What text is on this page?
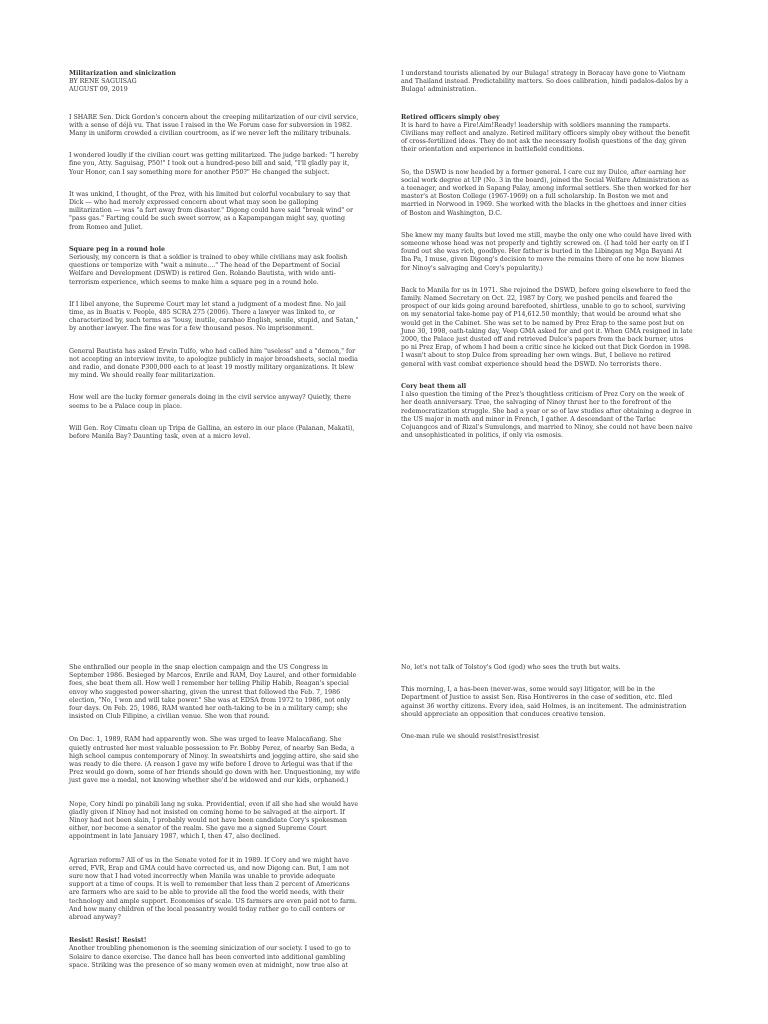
Militarization and sinicization
BY RENE SAGUISAG
AUGUST 09, 2019

I SHARE Sen. Dick Gordon's concern about the creeping militarization of our civil service, with a sense of déjà vu. That issue I raised in the We Forum case for subversion in 1982. Many in uniform crowded a civilian courtroom, as if we never left the military tribunals.

I wondered loudly if the civilian court was getting militarized. The judge barked: "I hereby fine you, Atty. Saguisag, P50!" I took out a hundred-peso bill and said, "I'll gladly pay it, Your Honor, can I say something more for another P50?" He changed the subject.

It was unkind, I thought, of the Prez, with his limited but colorful vocabulary to say that Dick — who had merely expressed concern about what may soon be galloping militarization — was "a fart away from disaster." Digong could have said "break wind" or "pass gas." Farting could be such sweet sorrow, as a Kapampangan might say, quoting from Romeo and Juliet.

Square peg in a round hole

Seriously, my concern is that a soldier is trained to obey while civilians may ask foolish questions or temporize with "wait a minute...." The head of the Department of Social Welfare and Development (DSWD) is retired Gen. Rolando Bautista, with wide anti-terrorism experience, which seems to make him a square peg in a round hole.

If I libel anyone, the Supreme Court may let stand a judgment of a modest fine. No jail time, as in Buatis v. People, 485 SCRA 275 (2006). There a lawyer was linked to, or characterized by, such terms as "lousy, inutile, carabao English, senile, stupid, and Satan," by another lawyer. The fine was for a few thousand pesos. No imprisonment.

General Bautista has asked Erwin Tulfo, who had called him "useless" and a "demon," for not accepting an interview invite, to apologize publicly in major broadsheets, social media and radio, and donate P300,000 each to at least 19 mostly military organizations. It blew my mind. We should really fear militarization.

How well are the lucky former generals doing in the civil service anyway? Quietly, there seems to be a Palace coup in place.

Will Gen. Roy Cimatu clean up Tripa de Gallina, an estero in our place (Palanan, Makati), before Manila Bay? Daunting task, even at a micro level.

I understand tourists alienated by our Bulaga! strategy in Boracay have gone to Vietnam and Thailand instead. Predictability matters. So does calibration, hindi padalos-dalos by a Bulaga! administration.

Retired officers simply obey

It is hard to have a Fire!Aim!Ready! leadership with soldiers manning the ramparts. Civilians may reflect and analyze. Retired military officers simply obey without the benefit of cross-fertilized ideas. They do not ask the necessary foolish questions of the day, given their orientation and experience in battlefield conditions.

So, the DSWD is now headed by a former general. I care cuz my Dulce, after earning her social work degree at UP (No. 3 in the board), joined the Social Welfare Administration as a teenager, and worked in Sapang Palay, among informal settlers. She then worked for her master's at Boston College (1967-1969) on a full scholarship. In Boston we met and married in Norwood in 1969. She worked with the blacks in the ghettoes and inner cities of Boston and Washington, D.C.

She knew my many faults but loved me still, maybe the only one who could have lived with someone whose head was not properly and tightly screwed on. (I had told her early on if I found out she was rich, goodbye. Her father is buried in the Libingan ng Mga Bayani At Iba Pa, I muse, given Digong's decision to move the remains there of one he now blames for Ninoy's salvaging and Cory's popularity.)

Back to Manila for us in 1971. She rejoined the DSWD, before going elsewhere to feed the family. Named Secretary on Oct. 22, 1987 by Cory, we pushed pencils and feared the prospect of our kids going around barefooted, shirtless, unable to go to school, surviving on my senatorial take-home pay of P14,612.50 monthly; that would be around what she would get in the Cabinet. She was set to be named by Prez Erap to the same post but on June 30, 1998, oath-taking day, Veep GMA asked for and got it. When GMA resigned in late 2000, the Palace just dusted off and retrieved Dulce's papers from the back burner, utos po ni Prez Erap, of whom I had been a critic since he kicked out that Dick Gordon in 1998. I wasn't about to stop Dulce from spreading her own wings. But, I believe no retired general with vast combat experience should head the DSWD. No terrorists there.

Cory beat them all

I also question the timing of the Prez's thoughtless criticism of Prez Cory on the week of her death anniversary. True, the salvaging of Ninoy thrust her to the forefront of the redemocratization struggle. She had a year or so of law studies after obtaining a degree in the US major in math and minor in French, I gather. A descendant of the Tarlac Cojuangcos and of Rizal's Sumulongs, and married to Ninoy, she could not have been naive and unsophisticated in politics, if only via osmosis.

She enthralled our people in the snap election campaign and the US Congress in September 1986. Besieged by Marcos, Enrile and RAM, Doy Laurel, and other formidable foes, she beat them all. How well I remember her telling Philip Habib, Reagan's special envoy who suggested power-sharing, given the unrest that followed the Feb. 7, 1986 election, "No, I won and will take power." She was at EDSA from 1972 to 1986, not only four days. On Feb. 25, 1986, RAM wanted her oath-taking to be in a military camp; she insisted on Club Filipino, a civilian venue. She won that round.

On Dec. 1, 1989, RAM had apparently won. She was urged to leave Malacañang. She quietly entrusted her most valuable possession to Fr. Bobby Perez, of nearby San Beda, a high school campus contemporary of Ninoy. In sweatshirts and jogging attire, she said she was ready to die there. (A reason I gave my wife before I drove to Arlegui was that if the Prez would go down, some of her friends should go down with her. Unquestioning, my wife just gave me a medal, not knowing whether she'd be widowed and our kids, orphaned.)

Nope, Cory hindi po pinabili lang ng suka. Providential, even if all she had she would have gladly given if Ninoy had not insisted on coming home to be salvaged at the airport. If Ninoy had not been slain, I probably would not have been candidate Cory's spokesman either, nor become a senator of the realm. She gave me a signed Supreme Court appointment in late January 1987, which I, then 47, also declined.

Agrarian reform? All of us in the Senate voted for it in 1989. If Cory and we might have erred, FVR, Erap and GMA could have corrected us, and now Digong can. But, I am not sure now that I had voted incorrectly when Manila was unable to provide adequate support at a time of coups. It is well to remember that less than 2 percent of Americans are farmers who are said to be able to provide all the food the world needs, with their technology and ample support. Economies of scale. US farmers are even paid not to farm. And how many children of the local peasantry would today rather go to call centers or abroad anyway?

Resist! Resist! Resist!

Another troubling phenomenon is the seeming sinicization of our society. I used to go to Solaire to dance exercise. The dance hall has been converted into additional gambling space. Striking was the presence of so many women even at midnight, now true also at

No, let's not talk of Tolstoy's God (god) who sees the truth but waits.

This morning, I, a has-been (never-was, some would say) litigator, will be in the Department of Justice to assist Sen. Risa Hontiveros in the case of sedition, etc. filed against 36 worthy citizens. Every idea, said Holmes, is an incitement. The administration should appreciate an opposition that conduces creative tension.

One-man rule we should resist!resist!resist
